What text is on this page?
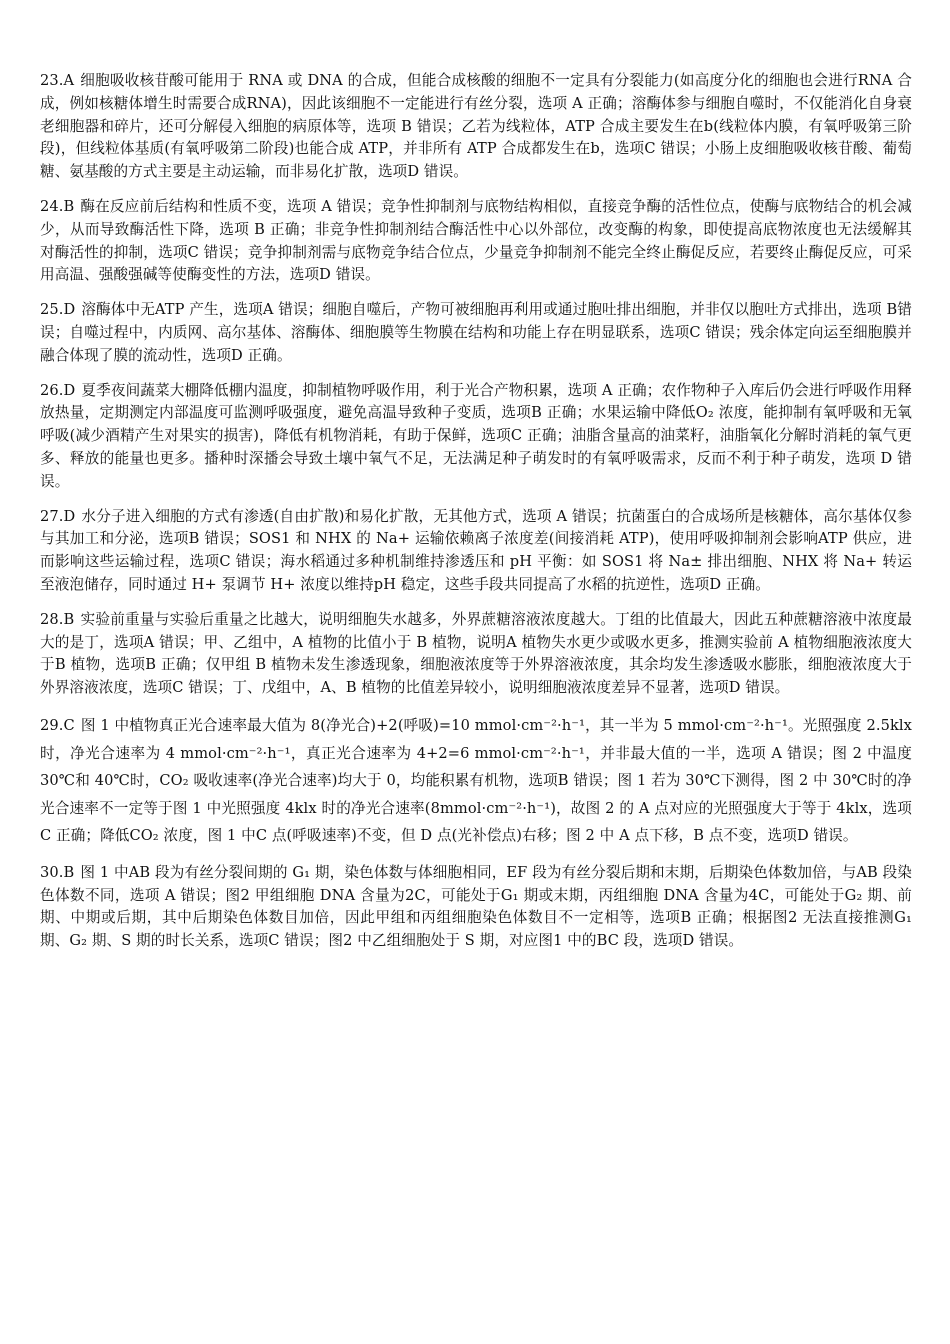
23.A 细胞吸收核苷酸可能用于 RNA 或 DNA 的合成，但能合成核酸的细胞不一定具有分裂能力(如高度分化的细胞也会进行RNA 合成，例如核糖体增生时需要合成RNA)，因此该细胞不一定能进行有丝分裂，选项 A 正确；溶酶体参与细胞自噬时，不仅能消化自身衰老细胞器和碎片，还可分解侵入细胞的病原体等，选项 B 错误；乙若为线粒体，ATP 合成主要发生在b(线粒体内膜，有氧呼吸第三阶段)，但线粒体基质(有氧呼吸第二阶段)也能合成 ATP，并非所有 ATP 合成都发生在b，选项C 错误；小肠上皮细胞吸收核苷酸、葡萄糖、氨基酸的方式主要是主动运输，而非易化扩散，选项D 错误。

24.B 酶在反应前后结构和性质不变，选项 A 错误；竞争性抑制剂与底物结构相似，直接竞争酶的活性位点，使酶与底物结合的机会减少，从而导致酶活性下降，选项 B 正确；非竞争性抑制剂结合酶活性中心以外部位，改变酶的构象，即使提高底物浓度也无法缓解其对酶活性的抑制，选项C 错误；竞争抑制剂需与底物竞争结合位点，少量竞争抑制剂不能完全终止酶促反应，若要终止酶促反应，可采用高温、强酸强碱等使酶变性的方法，选项D 错误。

25.D 溶酶体中无ATP 产生，选项A 错误；细胞自噬后，产物可被细胞再利用或通过胞吐排出细胞，并非仅以胞吐方式排出，选项 B错误；自噬过程中，内质网、高尔基体、溶酶体、细胞膜等生物膜在结构和功能上存在明显联系，选项C 错误；残余体定向运至细胞膜并融合体现了膜的流动性，选项D 正确。

26.D 夏季夜间蔬菜大棚降低棚内温度，抑制植物呼吸作用，利于光合产物积累，选项 A 正确；农作物种子入库后仍会进行呼吸作用释放热量，定期测定内部温度可监测呼吸强度，避免高温导致种子变质，选项B 正确；水果运输中降低O₂ 浓度，能抑制有氧呼吸和无氧呼吸(减少酒精产生对果实的损害)，降低有机物消耗，有助于保鲜，选项C 正确；油脂含量高的油菜籽，油脂氧化分解时消耗的氧气更多、释放的能量也更多。播种时深播会导致土壤中氧气不足，无法满足种子萌发时的有氧呼吸需求，反而不利于种子萌发，选项 D 错误。

27.D 水分子进入细胞的方式有渗透(自由扩散)和易化扩散，无其他方式，选项 A 错误；抗菌蛋白的合成场所是核糖体，高尔基体仅参与其加工和分泌，选项B 错误；SOS1 和 NHX 的 Na+ 运输依赖离子浓度差(间接消耗 ATP)，使用呼吸抑制剂会影响ATP 供应，进而影响这些运输过程，选项C 错误；海水稻通过多种机制维持渗透压和 pH 平衡：如 SOS1 将 Na± 排出细胞、NHX 将 Na+ 转运至液泡储存，同时通过 H+ 泵调节 H+ 浓度以维持pH 稳定，这些手段共同提高了水稻的抗逆性，选项D 正确。

28.B 实验前重量与实验后重量之比越大，说明细胞失水越多，外界蔗糖溶液浓度越大。丁组的比值最大，因此五种蔗糖溶液中浓度最大的是丁，选项A 错误；甲、乙组中，A 植物的比值小于 B 植物，说明A 植物失水更少或吸水更多，推测实验前 A 植物细胞液浓度大于B 植物，选项B 正确；仅甲组 B 植物未发生渗透现象，细胞液浓度等于外界溶液浓度，其余均发生渗透吸水膨胀，细胞液浓度大于外界溶液浓度，选项C 错误；丁、戊组中，A、B 植物的比值差异较小，说明细胞液浓度差异不显著，选项D 错误。

29.C 图 1 中植物真正光合速率最大值为 8(净光合)+2(呼吸)=10 mmol·cm⁻²·h⁻¹，其一半为 5 mmol·cm⁻²·h⁻¹。光照强度 2.5klx 时，净光合速率为 4 mmol·cm⁻²·h⁻¹，真正光合速率为 4+2=6 mmol·cm⁻²·h⁻¹，并非最大值的一半，选项 A 错误；图 2 中温度 30℃和 40℃时，CO₂ 吸收速率(净光合速率)均大于 0，均能积累有机物，选项B 错误；图 1 若为 30℃下测得，图 2 中 30℃时的净光合速率不一定等于图 1 中光照强度 4klx 时的净光合速率(8mmol·cm⁻²·h⁻¹)，故图 2 的 A 点对应的光照强度大于等于 4klx，选项 C 正确；降低CO₂ 浓度，图 1 中C 点(呼吸速率)不变，但 D 点(光补偿点)右移；图 2 中 A 点下移，B 点不变，选项D 错误。

30.B 图 1 中AB 段为有丝分裂间期的 G₁ 期，染色体数与体细胞相同，EF 段为有丝分裂后期和末期，后期染色体数加倍，与AB 段染色体数不同，选项 A 错误；图2 甲组细胞 DNA 含量为2C，可能处于G₁ 期或末期，丙组细胞 DNA 含量为4C，可能处于G₂ 期、前期、中期或后期，其中后期染色体数目加倍，因此甲组和丙组细胞染色体数目不一定相等，选项B 正确；根据图2 无法直接推测G₁ 期、G₂ 期、S 期的时长关系，选项C 错误；图2 中乙组细胞处于 S 期，对应图1 中的BC 段，选项D 错误。
